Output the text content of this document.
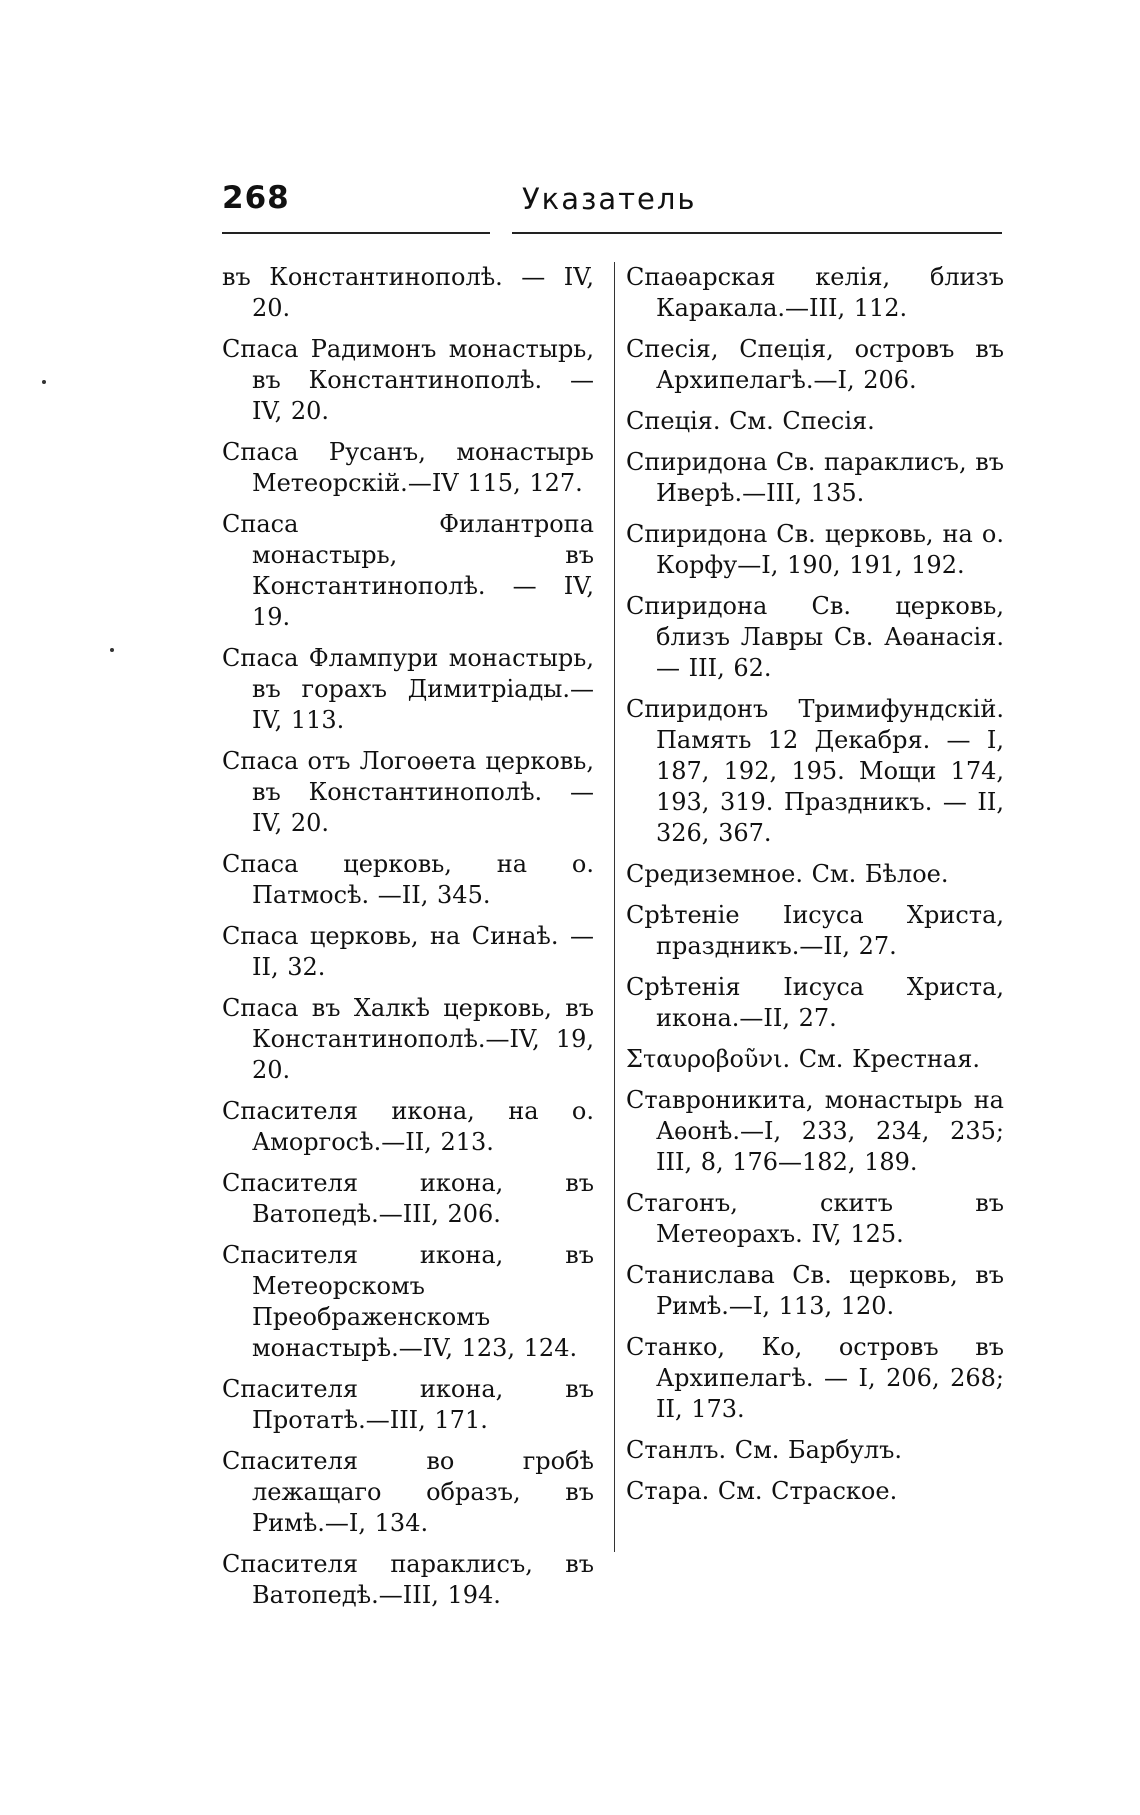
268	Указатель

въ Константинополѣ. — IV, 20.

Спаса Радимонъ монастырь, въ Константинополѣ. — IV, 20.

Спаса Русанъ, монастырь Метеорскій.—IV 115, 127.

Спаса Филантропа монастырь, въ Константинополѣ. — IV, 19.

Спаса Флампури монастырь, въ горахъ Димитріады.—IV, 113.

Спаса отъ Логоѳета церковь, въ Константинополѣ. — IV, 20.

Спаса церковь, на о. Патмосѣ. —II, 345.

Спаса церковь, на Синаѣ. — II, 32.

Спаса въ Халкѣ церковь, въ Константинополѣ.—IV, 19, 20.

Спасителя икона, на о. Аморгосѣ.—II, 213.

Спасителя икона, въ Ватопедѣ.—III, 206.

Спасителя икона, въ Метеорскомъ Преображенскомъ монастырѣ.—IV, 123, 124.

Спасителя икона, въ Протатѣ.—III, 171.

Спасителя во гробѣ лежащаго образъ, въ Римѣ.—I, 134.

Спасителя параклисъ, въ Ватопедѣ.—III, 194.

Спаѳарская келія, близъ Каракала.—III, 112.

Спесія, Спеція, островъ въ Архипелагѣ.—I, 206.

Спецiя. См. Спесія.

Спиридона Св. параклисъ, въ Иверѣ.—III, 135.

Спиридона Св. церковь, на о. Корфу—I, 190, 191, 192.

Спиридона Св. церковь, близъ Лавры Св. Аѳанасія. — III, 62.

Спиридонъ Тримифундскій. Память 12 Декабря. — I, 187, 192, 195. Мощи 174, 193, 319. Праздникъ. — II, 326, 367.

Средиземное. См. Бѣлое.

Срѣтеніе Іисуса Христа, праздникъ.—II, 27.

Срѣтенія Іисуса Христа, икона.—II, 27.

Σταυροβοῦνι. См. Крестная.

Ставроникита, монастырь на Аѳонѣ.—I, 233, 234, 235; III, 8, 176—182, 189.

Стагонъ, скитъ въ Метеорахъ. IV, 125.

Станислава Св. церковь, въ Римѣ.—I, 113, 120.

Станко, Ко, островъ въ Архипелагѣ. — I, 206, 268; II, 173.

Станлъ. См. Барбулъ.

Стара. См. Страское.
